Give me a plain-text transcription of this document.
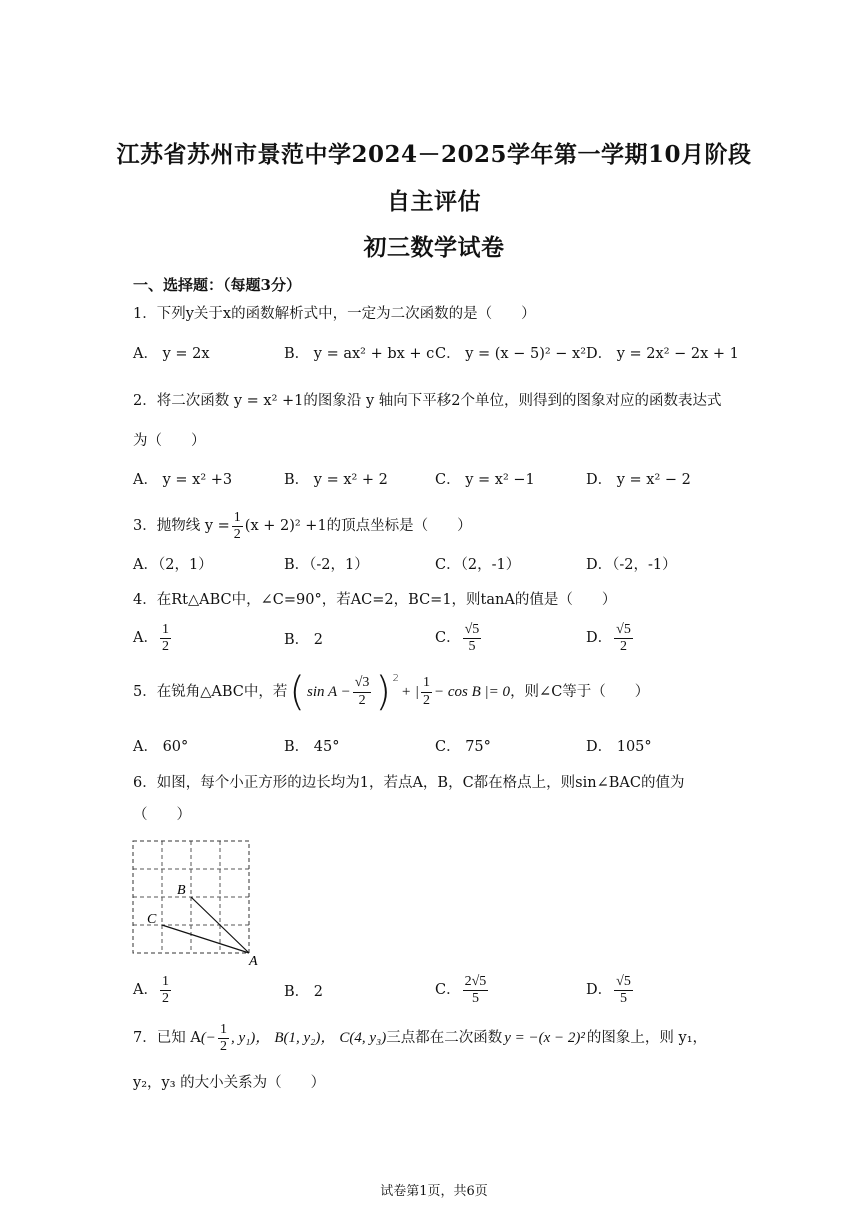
江苏省苏州市景范中学2024－2025学年第一学期10月阶段
自主评估
初三数学试卷
一、选择题：（每题3分）
1．下列y关于x的函数解析式中，一定为二次函数的是（　　）
A． y = 2x	B． y = ax² + bx + c C． y = (x − 5)² − x² D． y = 2x² − 2x + 1
2．将二次函数 y = x² +1的图象沿 y 轴向下平移2个单位，则得到的图象对应的函数表达式
为（　　）
A． y = x² +3	B． y = x² + 2	C． y = x² −1	D． y = x² − 2
3．抛物线 $y = \frac{1}{2} (x + 2)^2 +1$的顶点坐标是（　　）
A．（2，1）	B．（-2，1）	C．（2，-1）	D．（-2，-1）
4．在Rt△ABC中，∠C=90°，若AC=2，BC=1，则tanA的值是（　　）
A． $\frac{1}{2}$	B． 2	C． $\frac{√5}{5}$	D． $\frac{√5}{2}$
5．在锐角△ABC中，若 ( $\sin A - \frac{√3}{2}$ ) 2
+ | $\frac{1}{2} - \cos B$ |= 0 ，则∠C等于（　　）
A． 60°	B． 45°	C． 75°	D． 105°
6．如图，每个小正方形的边长均为1，若点A，B，C都在格点上，则sin∠BAC的值为
（　　）
B
C
A
A． $\frac{1}{2}$	B． 2	C． $\frac{2√5}{5}$	D． $\frac{√5}{5}$
7．已知 A (− $\frac{1}{2}$ , y₁)， B(1, y₂)， C(4, y₃) 三点都在二次函数 y = −(x − 2)² 的图象上，则 y₁，
y₂，y₃ 的大小关系为（　　）
试卷第1页，共6页
